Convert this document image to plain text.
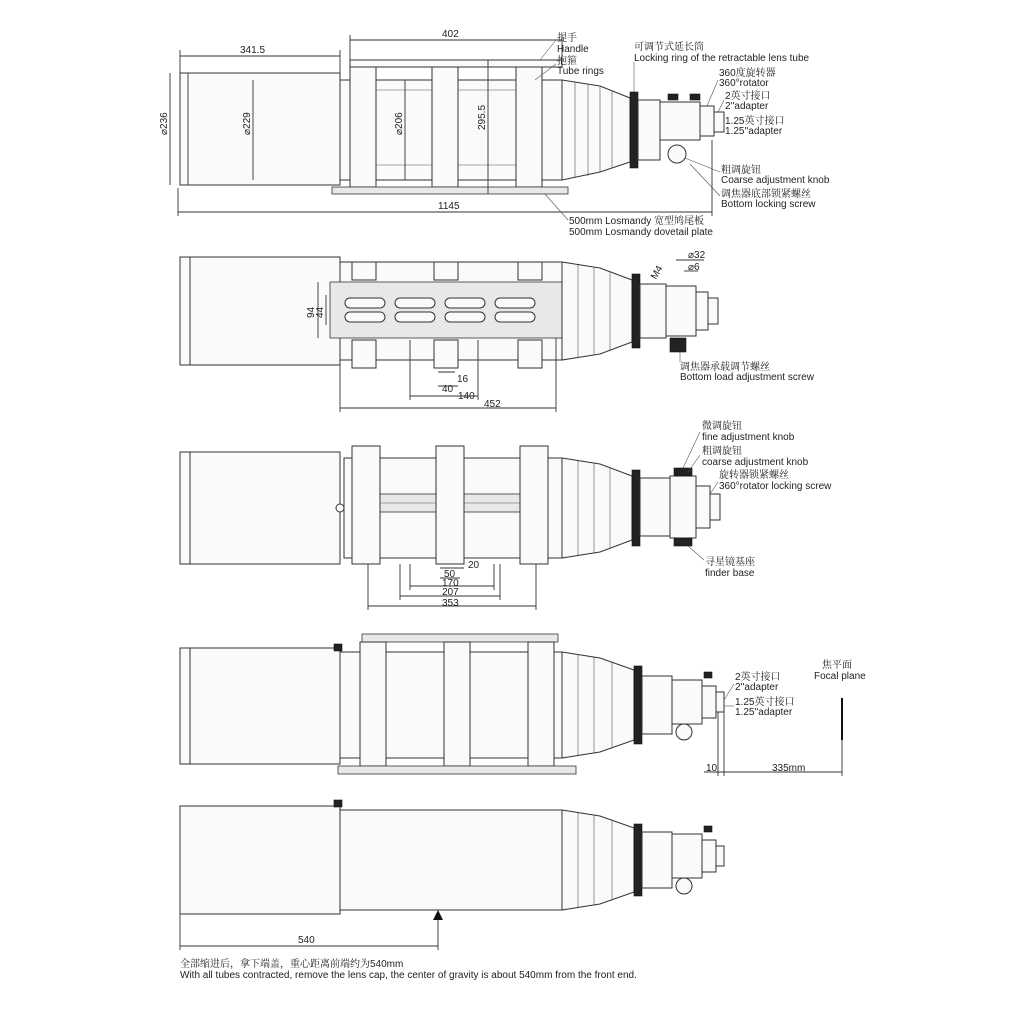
341.5
402
⌀236	⌀229	⌀206	295.5
1145
提手
Handle
抱箍
Tube rings
可调节式延长筒
Locking ring of the retractable lens tube
360度旋转器
360°rotator
2英寸接口
2''adapter
1.25英寸接口
1.25''adapter
粗调旋钮
Coarse adjustment knob
调焦器底部锁紧螺丝
Bottom locking screw
500mm Losmandy 宽型鸠尾板
500mm Losmandy dovetail plate
94
44
16
40
140
452
M4
⌀32
⌀6
调焦器承载调节螺丝
Bottom load adjustment screw
20
50
170
207
353
微调旋钮
fine adjustment knob
粗调旋钮
coarse adjustment knob
旋转器锁紧螺丝
360°rotator locking screw
寻星镜基座
finder base
2英寸接口
2''adapter
1.25英寸接口
1.25''adapter
焦平面
Focal plane
10	335mm
540
全部缩进后，拿下端盖，重心距离前端约为540mm
With all tubes contracted, remove the lens cap, the center of gravity is about 540mm from the front end.
